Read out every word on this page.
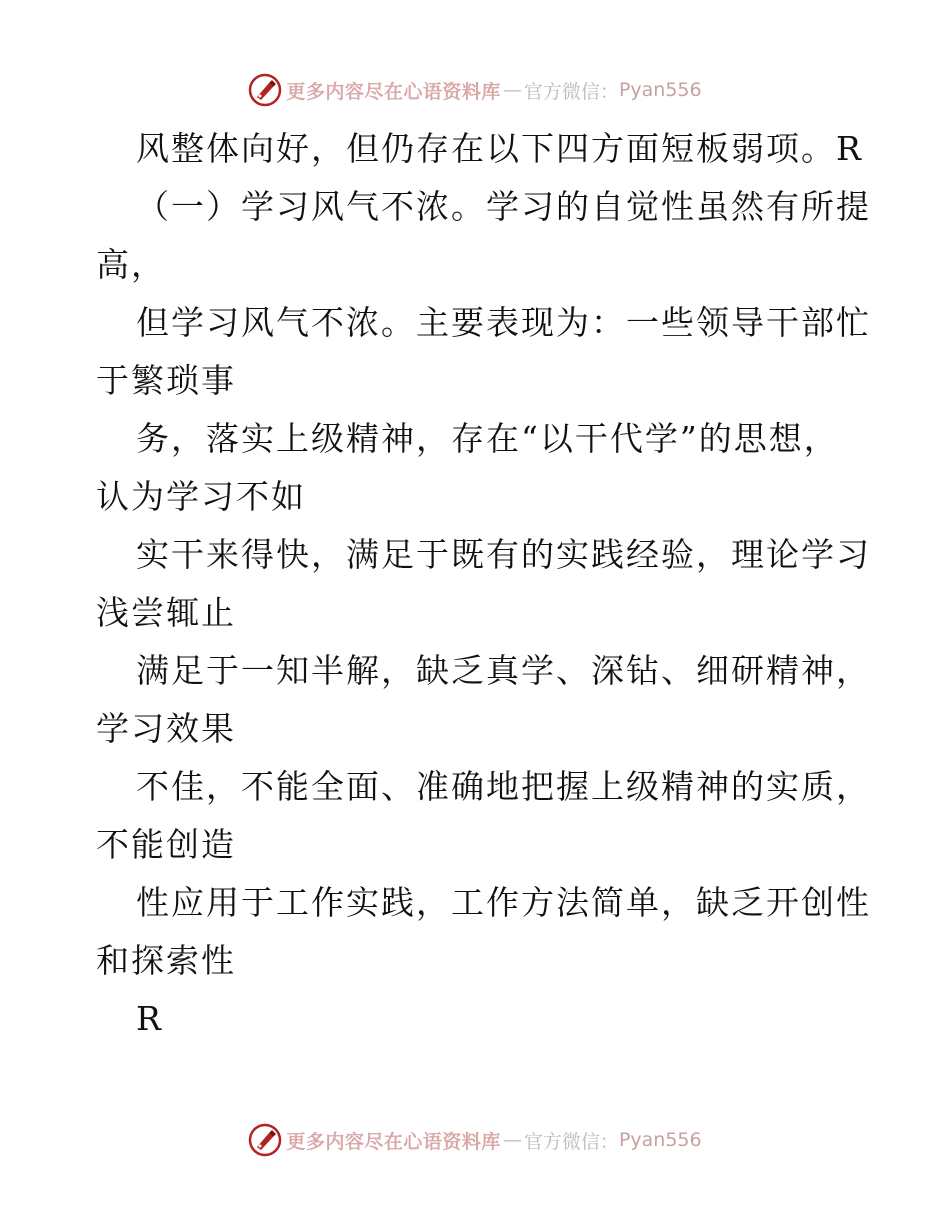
更多内容尽在心语资料库 — 官方微信： Pyan556
风整体向好，但仍存在以下四方面短板弱项。R
（一）学习风气不浓。学习的自觉性虽然有所提
高，
但学习风气不浓。主要表现为：一些领导干部忙
于繁琐事
务，落实上级精神，存在“以干代学”的思想，
认为学习不如
实干来得快，满足于既有的实践经验，理论学习
浅尝辄止
满足于一知半解，缺乏真学、深钻、细研精神，
学习效果
不佳，不能全面、准确地把握上级精神的实质，
不能创造
性应用于工作实践，工作方法简单，缺乏开创性
和探索性
R
更多内容尽在心语资料库 — 官方微信： Pyan556
